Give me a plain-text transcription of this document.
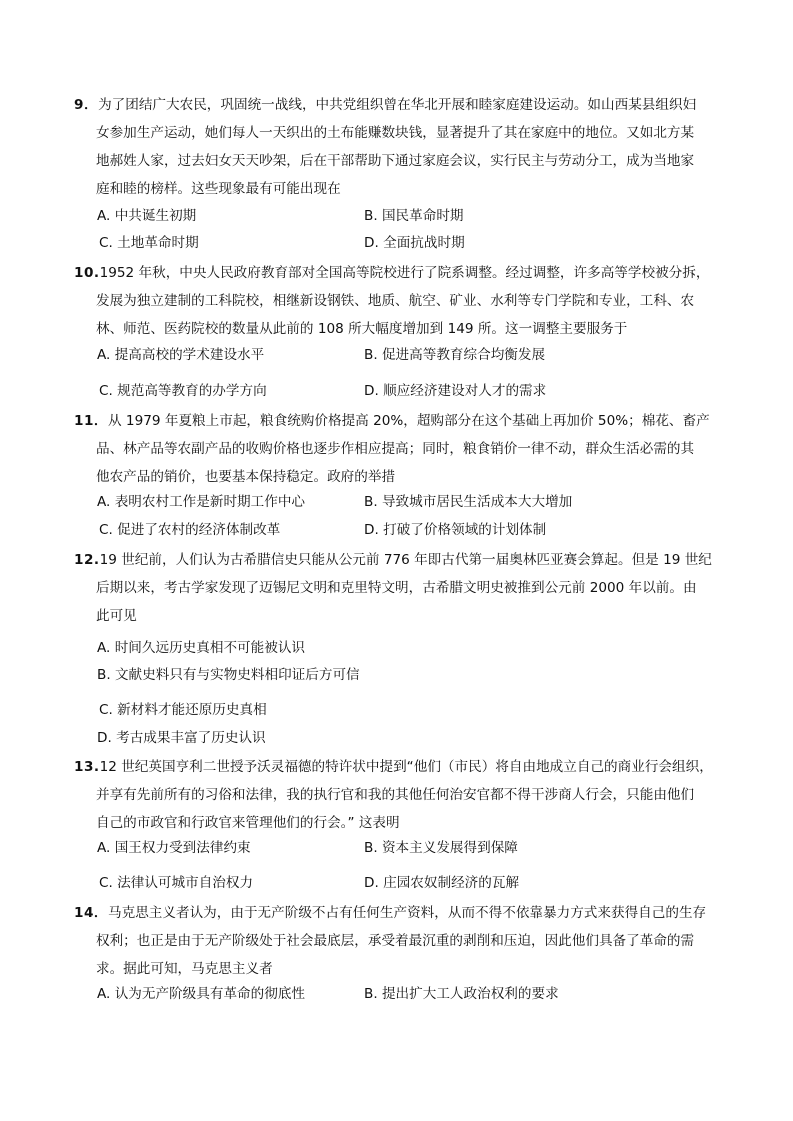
9．为了团结广大农民，巩固统一战线，中共党组织曾在华北开展和睦家庭建设运动。如山西某县组织妇
女参加生产运动，她们每人一天织出的土布能赚数块钱，显著提升了其在家庭中的地位。又如北方某
地郝姓人家，过去妇女天天吵架，后在干部帮助下通过家庭会议，实行民主与劳动分工，成为当地家
庭和睦的榜样。这些现象最有可能出现在
A. 中共诞生初期	B. 国民革命时期
C. 土地革命时期	D. 全面抗战时期
10.1952 年秋，中央人民政府教育部对全国高等院校进行了院系调整。经过调整，许多高等学校被分拆，
发展为独立建制的工科院校，相继新设钢铁、地质、航空、矿业、水利等专门学院和专业，工科、农
林、师范、医药院校的数量从此前的 108 所大幅度增加到 149 所。这一调整主要服务于
A. 提高高校的学术建设水平	B. 促进高等教育综合均衡发展
C. 规范高等教育的办学方向	D. 顺应经济建设对人才的需求
11．从 1979 年夏粮上市起，粮食统购价格提高 20%，超购部分在这个基础上再加价 50%；棉花、畜产
品、林产品等农副产品的收购价格也逐步作相应提高；同时，粮食销价一律不动，群众生活必需的其
他农产品的销价，也要基本保持稳定。政府的举措
A. 表明农村工作是新时期工作中心	B. 导致城市居民生活成本大大增加
C. 促进了农村的经济体制改革	D. 打破了价格领域的计划体制
12.19 世纪前，人们认为古希腊信史只能从公元前 776 年即古代第一届奥林匹亚赛会算起。但是 19 世纪
后期以来，考古学家发现了迈锡尼文明和克里特文明，古希腊文明史被推到公元前 2000 年以前。由
此可见
A. 时间久远历史真相不可能被认识
B. 文献史料只有与实物史料相印证后方可信
C. 新材料才能还原历史真相
D. 考古成果丰富了历史认识
13.12 世纪英国亨利二世授予沃灵福德的特许状中提到“他们（市民）将自由地成立自己的商业行会组织，
并享有先前所有的习俗和法律，我的执行官和我的其他任何治安官都不得干涉商人行会，只能由他们
自己的市政官和行政官来管理他们的行会。” 这表明
A. 国王权力受到法律约束	B. 资本主义发展得到保障
C. 法律认可城市自治权力	D. 庄园农奴制经济的瓦解
14．马克思主义者认为，由于无产阶级不占有任何生产资料，从而不得不依靠暴力方式来获得自己的生存
权利；也正是由于无产阶级处于社会最底层，承受着最沉重的剥削和压迫，因此他们具备了革命的需
求。据此可知，马克思主义者
A. 认为无产阶级具有革命的彻底性	B. 提出扩大工人政治权利的要求
